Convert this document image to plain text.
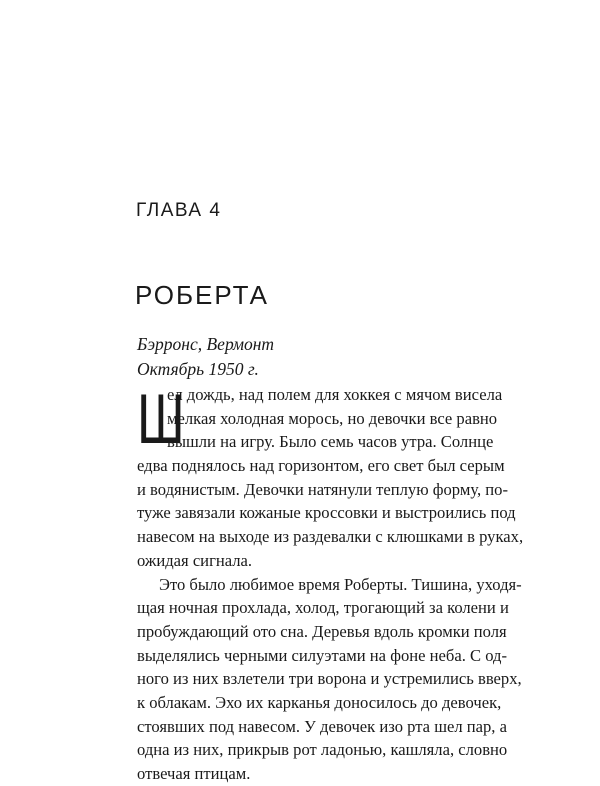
ГЛАВА 4
РОБЕРТА
Бэрронс, Вермонт
Октябрь 1950 г.
Ш
ел дождь, над полем для хоккея с мячом висела
мелкая холодная морось, но девочки все равно
вышли на игру. Было семь часов утра. Солнце
едва поднялось над горизонтом, его свет был серым
и водянистым. Девочки натянули теплую форму, по-
туже завязали кожаные кроссовки и выстроились под
навесом на выходе из раздевалки с клюшками в руках,
ожидая сигнала.
Это было любимое время Роберты. Тишина, уходя-
щая ночная прохлада, холод, трогающий за колени и
пробуждающий ото сна. Деревья вдоль кромки поля
выделялись черными силуэтами на фоне неба. С од-
ного из них взлетели три ворона и устремились вверх,
к облакам. Эхо их карканья доносилось до девочек,
стоявших под навесом. У девочек изо рта шел пар, а
одна из них, прикрыв рот ладонью, кашляла, словно
отвечая птицам.
